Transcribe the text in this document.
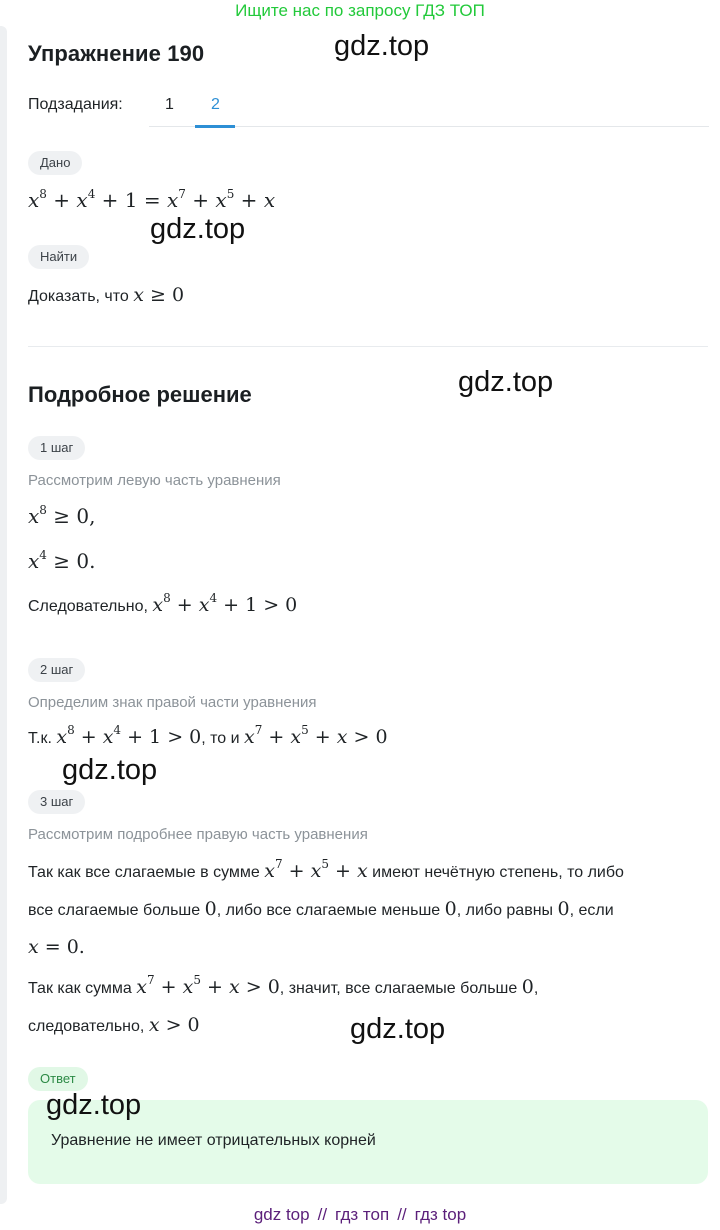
Ищите нас по запросу ГДЗ ТОП
Упражнение 190
Подзадания:	1 2
Дано
$x^8 + x^4 + 1 = x^7 + x^5 + x$
Найти
Доказать, что x ≥ 0
Подробное решение
1 шаг
Рассмотрим левую часть уравнения
$x^8 \ge 0$,
$x^4 \ge 0$.
Следовательно, $x^8 + x^4 + 1 > 0$
2 шаг
Определим знак правой части уравнения
Т.к. $x^8 + x^4 + 1 > 0$, то и $x^7 + x^5 + x > 0$
3 шаг
Рассмотрим подробнее правую часть уравнения
Так как все слагаемые в сумме $x^7 + x^5 + x$ имеют нечётную степень, то либо
все слагаемые больше 0, либо все слагаемые меньше 0, либо равны 0, если
x = 0.
Так как сумма $x^7 + x^5 + x > 0$, значит, все слагаемые больше 0,
следовательно, x > 0
Ответ
Уравнение не имеет отрицательных корней
gdz.top
gdz.top
gdz.top
gdz.top
gdz.top
gdz.top
gdz top // гдз топ // гдз top
